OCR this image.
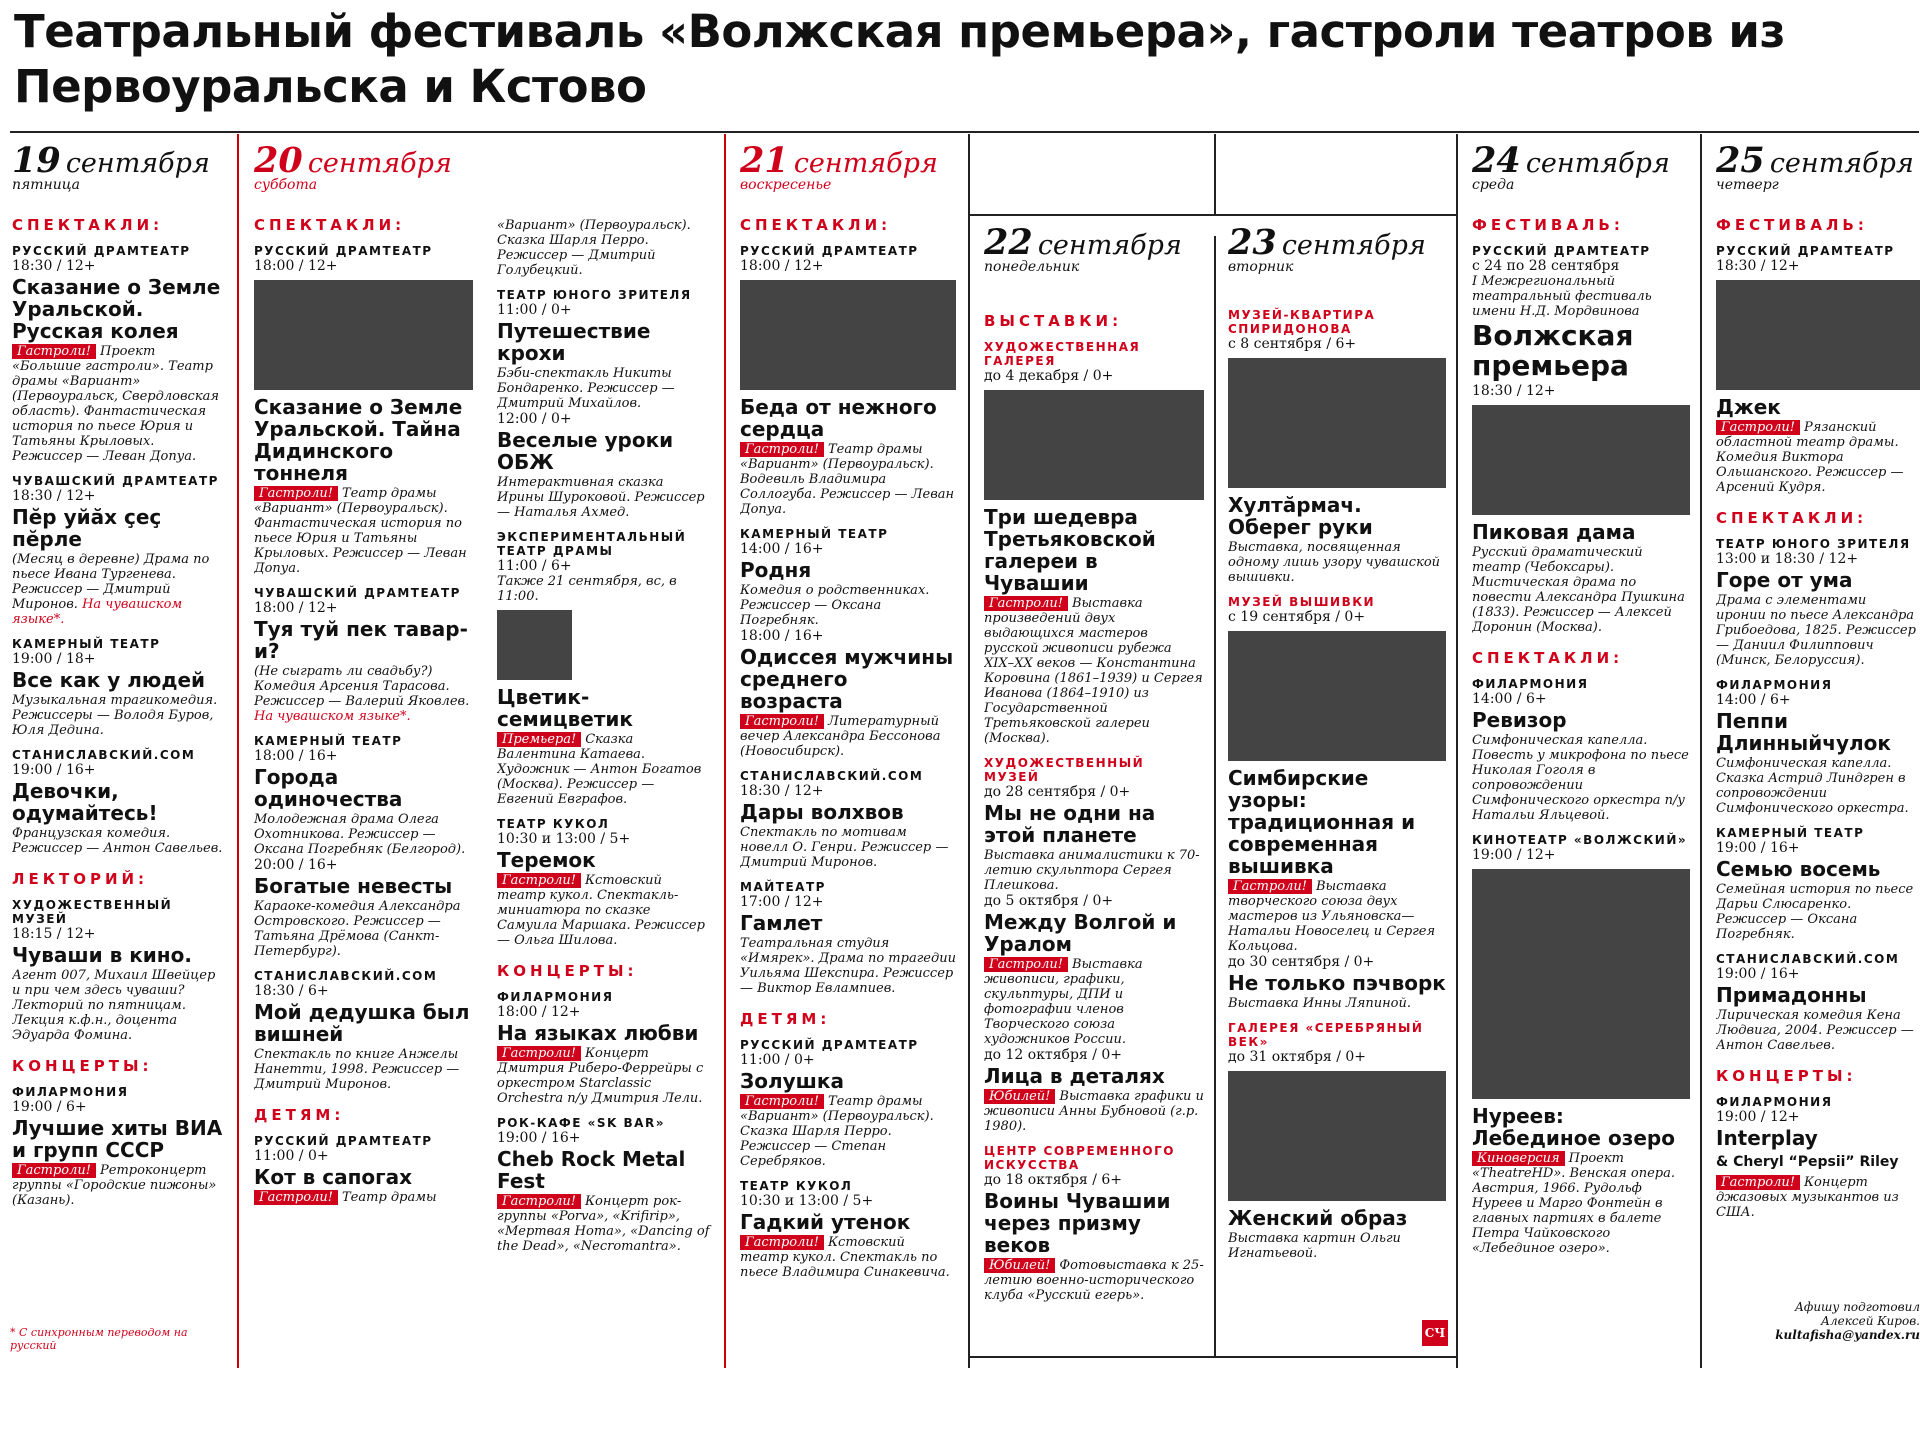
Театральный фестиваль «Волжская премьера», гастроли театров из Первоуральска и Кстово
19 сентября
пятница
СПЕКТАКЛИ:
РУССКИЙ ДРАМТЕАТР
18:30 / 12+
Сказание о Земле Уральской. Русская колея
Гастроли! Проект «Большие гастроли». Театр драмы «Вариант» (Первоуральск, Свердловская область). Фантастическая история по пьесе Юрия и Татьяны Крыловых. Режиссер — Леван Допуа.
ЧУВАШСКИЙ ДРАМТЕАТР
18:30 / 12+
Пĕр уйăх çеç пĕрле
(Месяц в деревне) Драма по пьесе Ивана Тургенева. Режиссер — Дмитрий Миронов. На чувашском языке*.
КАМЕРНЫЙ ТЕАТР
19:00 / 18+
Все как у людей
Музыкальная трагикомедия. Режиссеры — Володя Буров, Юля Дедина.
СТАНИСЛАВСКИЙ.COM
19:00 / 16+
Девочки, одумайтесь!
Французская комедия. Режиссер — Антон Савельев.
ЛЕКТОРИЙ:
ХУДОЖЕСТВЕННЫЙ МУЗЕЙ
18:15 / 12+
Чуваши в кино.
Агент 007, Михаил Швейцер и при чем здесь чуваши? Лекторий по пятницам. Лекция к.ф.н., доцента Эдуарда Фомина.
КОНЦЕРТЫ:
ФИЛАРМОНИЯ
19:00 / 6+
Лучшие хиты ВИА и групп СССР
Гастроли! Ретроконцерт группы «Городские пижоны» (Казань).
20 сентября
суббота
СПЕКТАКЛИ:
РУССКИЙ ДРАМТЕАТР
18:00 / 12+
Сказание о Земле Уральской. Тайна Дидинского тоннеля
Гастроли! Театр драмы «Вариант» (Первоуральск). Фантастическая история по пьесе Юрия и Татьяны Крыловых. Режиссер — Леван Допуа.
ЧУВАШСКИЙ ДРАМТЕАТР
18:00 / 12+
Туя туй пек тавар-и?
(Не сыграть ли свадьбу?) Комедия Арсения Тарасова. Режиссер — Валерий Яковлев. На чувашском языке*.
КАМЕРНЫЙ ТЕАТР
18:00 / 16+
Города одиночества
Молодежная драма Олега Охотникова. Режиссер — Оксана Погребняк (Белгород).
20:00 / 16+
Богатые невесты
Караоке-комедия Александра Островского. Режиссер — Татьяна Дрёмова (Санкт-Петербург).
СТАНИСЛАВСКИЙ.COM
18:30 / 6+
Мой дедушка был вишней
Спектакль по книге Анжелы Нанетти, 1998. Режиссер — Дмитрий Миронов.
ДЕТЯМ:
РУССКИЙ ДРАМТЕАТР
11:00 / 0+
Кот в сапогах
Гастроли! Театр драмы
«Вариант» (Первоуральск). Сказка Шарля Перро. Режиссер — Дмитрий Голубецкий.
ТЕАТР ЮНОГО ЗРИТЕЛЯ
11:00 / 0+
Путешествие крохи
Бэби-спектакль Никиты Бондаренко. Режиссер — Дмитрий Михайлов.
12:00 / 0+
Веселые уроки ОБЖ
Интерактивная сказка Ирины Шуроковой. Режиссер — Наталья Ахмед.
ЭКСПЕРИМЕНТАЛЬНЫЙ ТЕАТР ДРАМЫ
11:00 / 6+
Также 21 сентября, вс, в 11:00.
Цветик-семицветик
Премьера! Сказка Валентина Катаева. Художник — Антон Богатов (Москва). Режиссер — Евгений Евграфов.
ТЕАТР КУКОЛ
10:30 и 13:00 / 5+
Теремок
Гастроли! Кстовский театр кукол. Спектакль-миниатюра по сказке Самуила Маршака. Режиссер — Ольга Шилова.
КОНЦЕРТЫ:
ФИЛАРМОНИЯ
18:00 / 12+
На языках любви
Гастроли! Концерт Дмитрия Риберо-Феррейры с оркестром Starclassic Orchestra п/у Дмитрия Лели.
РОК-КАФЕ «SK BAR»
19:00 / 16+
Cheb Rock Metal Fest
Гастроли! Концерт рок-группы «Porva», «Krifirip», «Мертвая Homa», «Dancing of the Dead», «Necromantra».
21 сентября
воскресенье
СПЕКТАКЛИ:
РУССКИЙ ДРАМТЕАТР
18:00 / 12+
Беда от нежного сердца
Гастроли! Театр драмы «Вариант» (Первоуральск). Водевиль Владимира Соллогуба. Режиссер — Леван Допуа.
КАМЕРНЫЙ ТЕАТР
14:00 / 16+
Родня
Комедия о родственниках. Режиссер — Оксана Погребняк.
18:00 / 16+
Одиссея мужчины среднего возраста
Гастроли! Литературный вечер Александра Бессонова (Новосибирск).
СТАНИСЛАВСКИЙ.COM
18:30 / 12+
Дары волхвов
Спектакль по мотивам новелл О. Генри. Режиссер — Дмитрий Миронов.
МАЙТЕАТР
17:00 / 12+
Гамлет
Театральная студия «Имярек». Драма по трагедии Уильяма Шекспира. Режиссер — Виктор Евлампиев.
ДЕТЯМ:
РУССКИЙ ДРАМТЕАТР
11:00 / 0+
Золушка
Гастроли! Театр драмы «Вариант» (Первоуральск). Сказка Шарля Перро. Режиссер — Степан Серебряков.
ТЕАТР КУКОЛ
10:30 и 13:00 / 5+
Гадкий утенок
Гастроли! Кстовский театр кукол. Спектакль по пьесе Владимира Синакевича.
22 сентября
понедельник
ВЫСТАВКИ:
ХУДОЖЕСТВЕННАЯ ГАЛЕРЕЯ
до 4 декабря / 0+
Три шедевра Третьяковской галереи в Чувашии
Гастроли! Выставка произведений двух выдающихся мастеров русской живописи рубежа XIX–XX веков — Константина Коровина (1861–1939) и Сергея Иванова (1864–1910) из Государственной Третьяковской галереи (Москва).
ХУДОЖЕСТВЕННЫЙ МУЗЕЙ
до 28 сентября / 0+
Мы не одни на этой планете
Выставка анималистики к 70-летию скульптора Сергея Плешкова.
до 5 октября / 0+
Между Волгой и Уралом
Гастроли! Выставка живописи, графики, скульптуры, ДПИ и фотографии членов Творческого союза художников России.
до 12 октября / 0+
Лица в деталях
Юбилей! Выставка графики и живописи Анны Бубновой (г.р. 1980).
ЦЕНТР СОВРЕМЕННОГО ИСКУССТВА
до 18 октября / 6+
Воины Чувашии через призму веков
Юбилей! Фотовыставка к 25-летию военно-исторического клуба «Русский егерь».
23 сентября
вторник
МУЗЕЙ-КВАРТИРА СПИРИДОНОВА
с 8 сентября / 6+
Хултăрмач. Оберег руки
Выставка, посвященная одному лишь узору чувашской вышивки.
МУЗЕЙ ВЫШИВКИ
с 19 сентября / 0+
Симбирские узоры: традиционная и современная вышивка
Гастроли! Выставка творческого союза двух мастеров из Ульяновска— Натальи Новоселец и Сергея Кольцова.
до 30 сентября / 0+
Не только пэчворк
Выставка Инны Ляпиной.
ГАЛЕРЕЯ «СЕРЕБРЯНЫЙ ВЕК»
до 31 октября / 0+
Женский образ
Выставка картин Ольги Игнатьевой.
24 сентября
среда
ФЕСТИВАЛЬ:
РУССКИЙ ДРАМТЕАТР
с 24 по 28 сентября
I Межрегиональный театральный фестиваль имени Н.Д. Мордвинова
Волжская премьера
18:30 / 12+
Пиковая дама
Русский драматический театр (Чебоксары). Мистическая драма по повести Александра Пушкина (1833). Режиссер — Алексей Доронин (Москва).
СПЕКТАКЛИ:
ФИЛАРМОНИЯ
14:00 / 6+
Ревизор
Симфоническая капелла. Повесть у микрофона по пьесе Николая Гоголя в сопровождении Симфонического оркестра п/у Натальи Яльцевой.
КИНОТЕАТР «ВОЛЖСКИЙ»
19:00 / 12+
Нуреев: Лебединое озеро
Киноверсия Проект «TheatreHD». Венская опера. Австрия, 1966. Рудольф Нуреев и Марго Фонтейн в главных партиях в балете Петра Чайковского «Лебединое озеро».
25 сентября
четверг
ФЕСТИВАЛЬ:
РУССКИЙ ДРАМТЕАТР
18:30 / 12+
Джек
Гастроли! Рязанский областной театр драмы. Комедия Виктора Ольшанского. Режиссер — Арсений Кудря.
СПЕКТАКЛИ:
ТЕАТР ЮНОГО ЗРИТЕЛЯ
13:00 и 18:30 / 12+
Горе от ума
Драма с элементами иронии по пьесе Александра Грибоедова, 1825. Режиссер — Даниил Филиппович (Минск, Белоруссия).
ФИЛАРМОНИЯ
14:00 / 6+
Пеппи Длинныйчулок
Симфоническая капелла. Сказка Астрид Линдгрен в сопровождении Симфонического оркестра.
КАМЕРНЫЙ ТЕАТР
19:00 / 16+
Семью восемь
Семейная история по пьесе Дарьи Слюсаренко. Режиссер — Оксана Погребняк.
СТАНИСЛАВСКИЙ.COM
19:00 / 16+
Примадонны
Лирическая комедия Кена Людвига, 2004. Режиссер — Антон Савельев.
КОНЦЕРТЫ:
ФИЛАРМОНИЯ
19:00 / 12+
Interplay
& Cheryl “Pepsii” Riley
Гастроли! Концерт джазовых музыкантов из США.
* С синхронным переводом на русский
Афишу подготовил
Алексей Киров.
kultafisha@yandex.ru
СЧ
